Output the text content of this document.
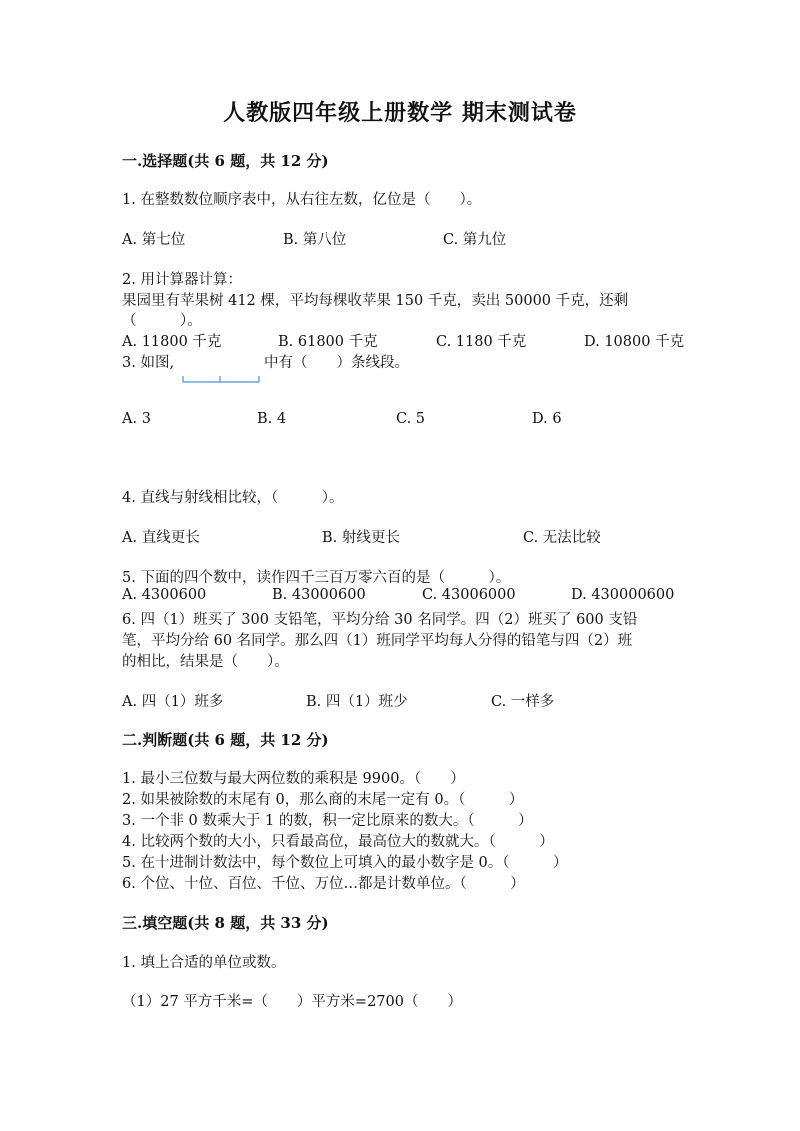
人教版四年级上册数学 期末测试卷
一.选择题(共 6 题，共 12 分)
1. 在整数数位顺序表中，从右往左数，亿位是（　　）。
A. 第七位	B. 第八位	C. 第九位
2. 用计算器计算：
果园里有苹果树 412 棵，平均每棵收苹果 150 千克，卖出 50000 千克，还剩
（　　　）。
A. 11800 千克	B. 61800 千克	C. 1180 千克	D. 10800 千克
3. 如图,	中有（　　）条线段。
A. 3	B. 4	C. 5	D. 6
4. 直线与射线相比较，（　　　）。
A. 直线更长	B. 射线更长	C. 无法比较
5. 下面的四个数中，读作四千三百万零六百的是（　　　）。
A. 4300600	B. 43000600	C. 43006000	D. 430000600
6. 四（1）班买了 300 支铅笔，平均分给 30 名同学。四（2）班买了 600 支铅
笔，平均分给 60 名同学。那么四（1）班同学平均每人分得的铅笔与四（2）班
的相比，结果是（　　）。
A. 四（1）班多	B. 四（1）班少	C. 一样多
二.判断题(共 6 题，共 12 分)
1. 最小三位数与最大两位数的乘积是 9900。（　　）
2. 如果被除数的末尾有 0，那么商的末尾一定有 0。（　　　）
3. 一个非 0 数乘大于 1 的数，积一定比原来的数大。（　　　）
4. 比较两个数的大小，只看最高位，最高位大的数就大。（　　　）
5. 在十进制计数法中，每个数位上可填入的最小数字是 0。（　　　）
6. 个位、十位、百位、千位、万位…都是计数单位。（　　　）
三.填空题(共 8 题，共 33 分)
1. 填上合适的单位或数。
（1）27 平方千米=（　　）平方米=2700（　　）
